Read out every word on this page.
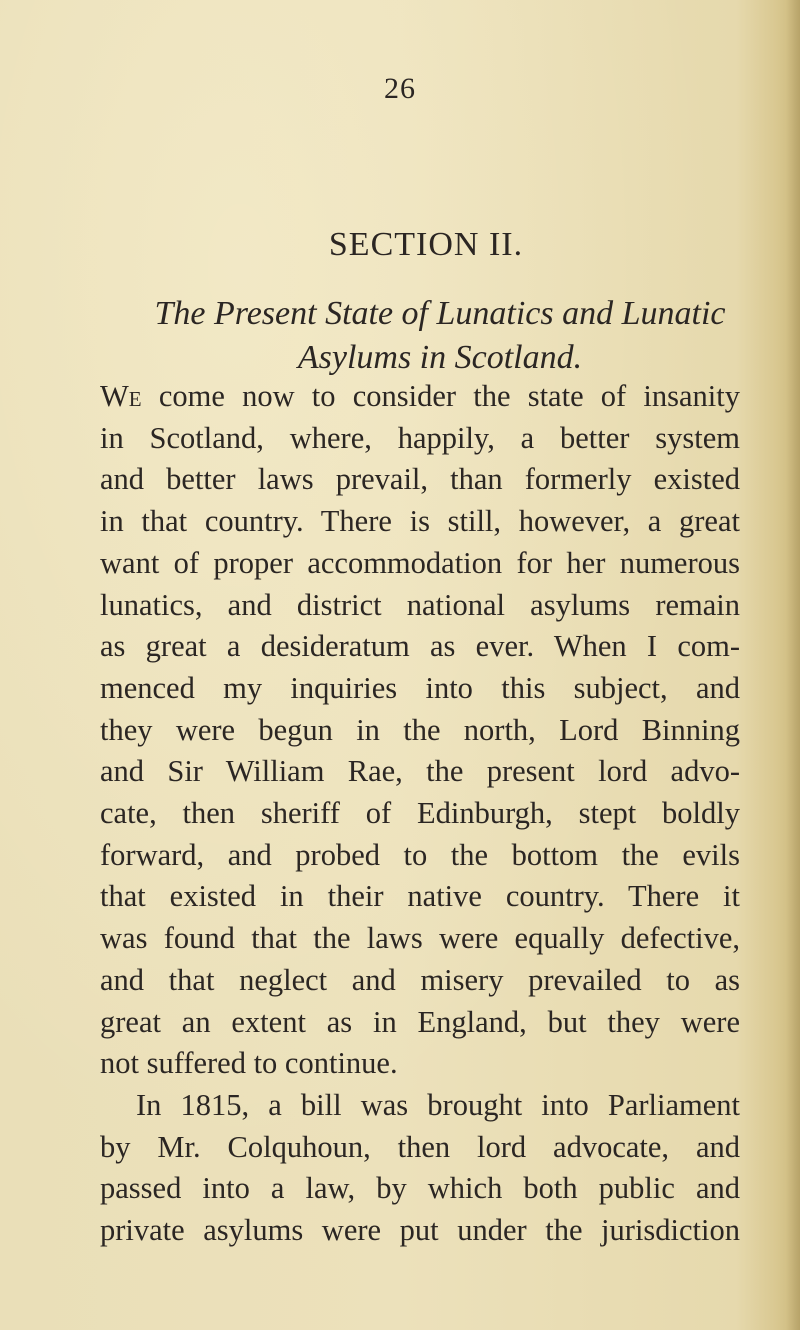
26
SECTION II.
The Present State of Lunatics and Lunatic
Asylums in Scotland.
We come now to consider the state of insanity
in Scotland, where, happily, a better system
and better laws prevail, than formerly existed
in that country. There is still, however, a great
want of proper accommodation for her numerous
lunatics, and district national asylums remain
as great a desideratum as ever. When I com-
menced my inquiries into this subject, and
they were begun in the north, Lord Binning
and Sir William Rae, the present lord advo-
cate, then sheriff of Edinburgh, stept boldly
forward, and probed to the bottom the evils
that existed in their native country. There it
was found that the laws were equally defective,
and that neglect and misery prevailed to as
great an extent as in England, but they were
not suffered to continue.
In 1815, a bill was brought into Parliament
by Mr. Colquhoun, then lord advocate, and
passed into a law, by which both public and
private asylums were put under the jurisdiction
